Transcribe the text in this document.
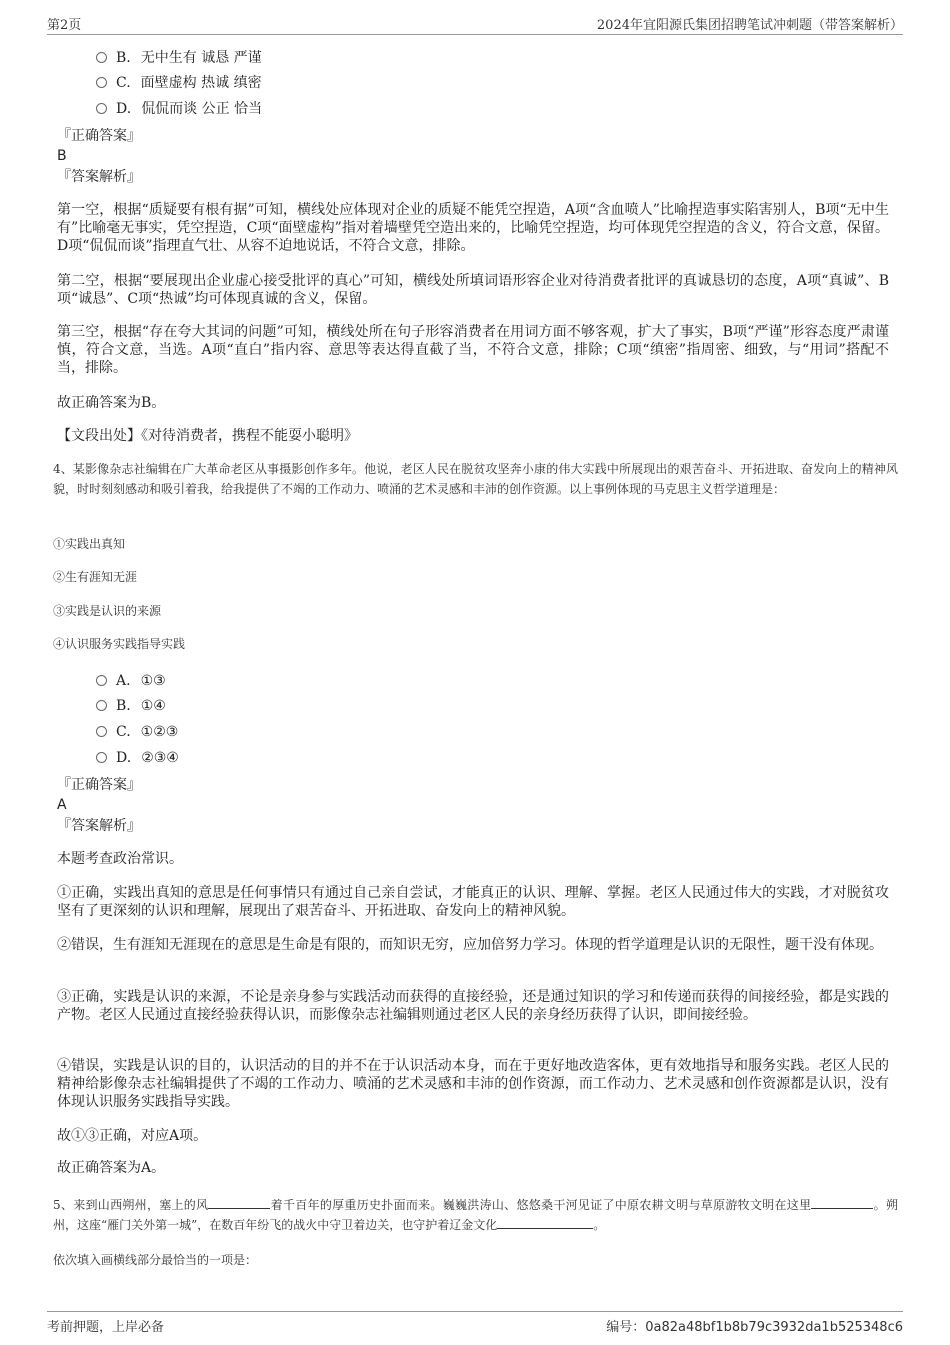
第2页	2024年宜阳源氏集团招聘笔试冲刺题（带答案解析）
B. 无中生有 诚恳 严谨
C. 面壁虚构 热诚 缜密
D. 侃侃而谈 公正 恰当
『正确答案』
B
『答案解析』
第一空，根据“质疑要有根有据”可知，横线处应体现对企业的质疑不能凭空捏造，A项“含血喷人”比喻捏造事实陷害别人，B项“无中生有”比喻毫无事实，凭空捏造，C项“面壁虚构”指对着墙壁凭空造出来的，比喻凭空捏造，均可体现凭空捏造的含义，符合文意，保留。D项“侃侃而谈”指理直气壮、从容不迫地说话，不符合文意，排除。
第二空，根据“要展现出企业虚心接受批评的真心”可知，横线处所填词语形容企业对待消费者批评的真诚恳切的态度，A项“真诚”、B项“诚恳”、C项“热诚”均可体现真诚的含义，保留。
第三空，根据“存在夸大其词的问题”可知，横线处所在句子形容消费者在用词方面不够客观，扩大了事实，B项“严谨”形容态度严肃谨慎，符合文意，当选。A项“直白”指内容、意思等表达得直截了当，不符合文意，排除；C项“缜密”指周密、细致，与“用词”搭配不当，排除。
故正确答案为B。
【文段出处】《对待消费者，携程不能耍小聪明》
4、某影像杂志社编辑在广大革命老区从事摄影创作多年。他说，老区人民在脱贫攻坚奔小康的伟大实践中所展现出的艰苦奋斗、开拓进取、奋发向上的精神风貌，时时刻刻感动和吸引着我，给我提供了不竭的工作动力、喷涌的艺术灵感和丰沛的创作资源。以上事例体现的马克思主义哲学道理是：
①实践出真知
②生有涯知无涯
③实践是认识的来源
④认识服务实践指导实践
A. ①③
B. ①④
C. ①②③
D. ②③④
『正确答案』
A
『答案解析』
本题考查政治常识。
①正确，实践出真知的意思是任何事情只有通过自己亲自尝试，才能真正的认识、理解、掌握。老区人民通过伟大的实践，才对脱贫攻坚有了更深刻的认识和理解，展现出了艰苦奋斗、开拓进取、奋发向上的精神风貌。
②错误，生有涯知无涯现在的意思是生命是有限的，而知识无穷，应加倍努力学习。体现的哲学道理是认识的无限性，题干没有体现。
③正确，实践是认识的来源，不论是亲身参与实践活动而获得的直接经验，还是通过知识的学习和传递而获得的间接经验，都是实践的产物。老区人民通过直接经验获得认识，而影像杂志社编辑则通过老区人民的亲身经历获得了认识，即间接经验。
④错误，实践是认识的目的，认识活动的目的并不在于认识活动本身，而在于更好地改造客体，更有效地指导和服务实践。老区人民的精神给影像杂志社编辑提供了不竭的工作动力、喷涌的艺术灵感和丰沛的创作资源，而工作动力、艺术灵感和创作资源都是认识，没有体现认识服务实践指导实践。
故①③正确，对应A项。
故正确答案为A。
5、来到山西朔州，塞上的风	着千百年的厚重历史扑面而来。巍巍洪涛山、悠悠桑干河见证了中原农耕文明与草原游牧文明在这里	。朔州，这座“雁门关外第一城”，在数百年纷飞的战火中守卫着边关，也守护着辽金文化	。
依次填入画横线部分最恰当的一项是：
考前押题，上岸必备	编号：0a82a48bf1b8b79c3932da1b525348c6
